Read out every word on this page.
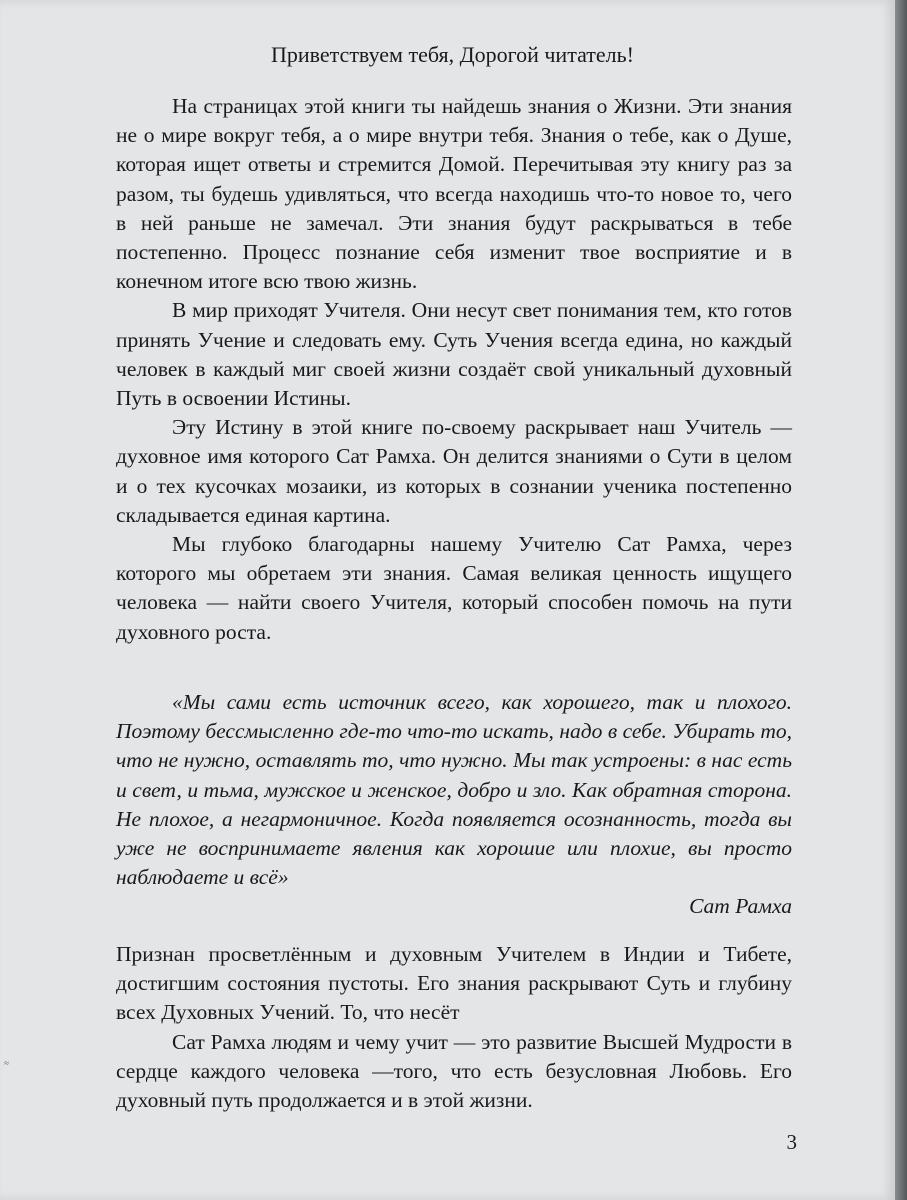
Приветствуем тебя, Дорогой читатель!

На страницах этой книги ты найдешь знания о Жизни. Эти знания не о мире вокруг тебя, а о мире внутри тебя. Знания о тебе, как о Душе, которая ищет ответы и стремится Домой. Перечитывая эту книгу раз за разом, ты будешь удивляться, что всегда находишь что-то новое то, чего в ней раньше не замечал. Эти знания будут раскрываться в тебе постепенно. Процесс познание себя изменит твое восприятие и в конечном итоге всю твою жизнь.

В мир приходят Учителя. Они несут свет понимания тем, кто готов принять Учение и следовать ему. Суть Учения всегда едина, но каждый человек в каждый миг своей жизни создаёт свой уникальный духовный Путь в освоении Истины.

Эту Истину в этой книге по-своему раскрывает наш Учитель — духовное имя которого Сат Рамха. Он делится знаниями о Сути в целом и о тех кусочках мозаики, из которых в сознании ученика постепенно складывается единая картина.

Мы глубоко благодарны нашему Учителю Сат Рамха, через которого мы обретаем эти знания. Самая великая ценность ищущего человека — найти своего Учителя, который способен помочь на пути духовного роста.

«Мы сами есть источник всего, как хорошего, так и плохого. Поэтому бессмысленно где-то что-то искать, надо в себе. Убирать то, что не нужно, оставлять то, что нужно. Мы так устроены: в нас есть и свет, и тьма, мужское и женское, добро и зло. Как обратная сторона. Не плохое, а негармоничное. Когда появляется осознанность, тогда вы уже не воспринимаете явления как хорошие или плохие, вы просто наблюдаете и всё»

Сат Рамха

Признан просветлённым и духовным Учителем в Индии и Тибете, достигшим состояния пустоты. Его знания раскрывают Суть и глубину всех Духовных Учений. То, что несёт

Сат Рамха людям и чему учит — это развитие Высшей Мудрости в сердце каждого человека —того, что есть безусловная Любовь. Его духовный путь продолжается и в этой жизни.

3
≈
